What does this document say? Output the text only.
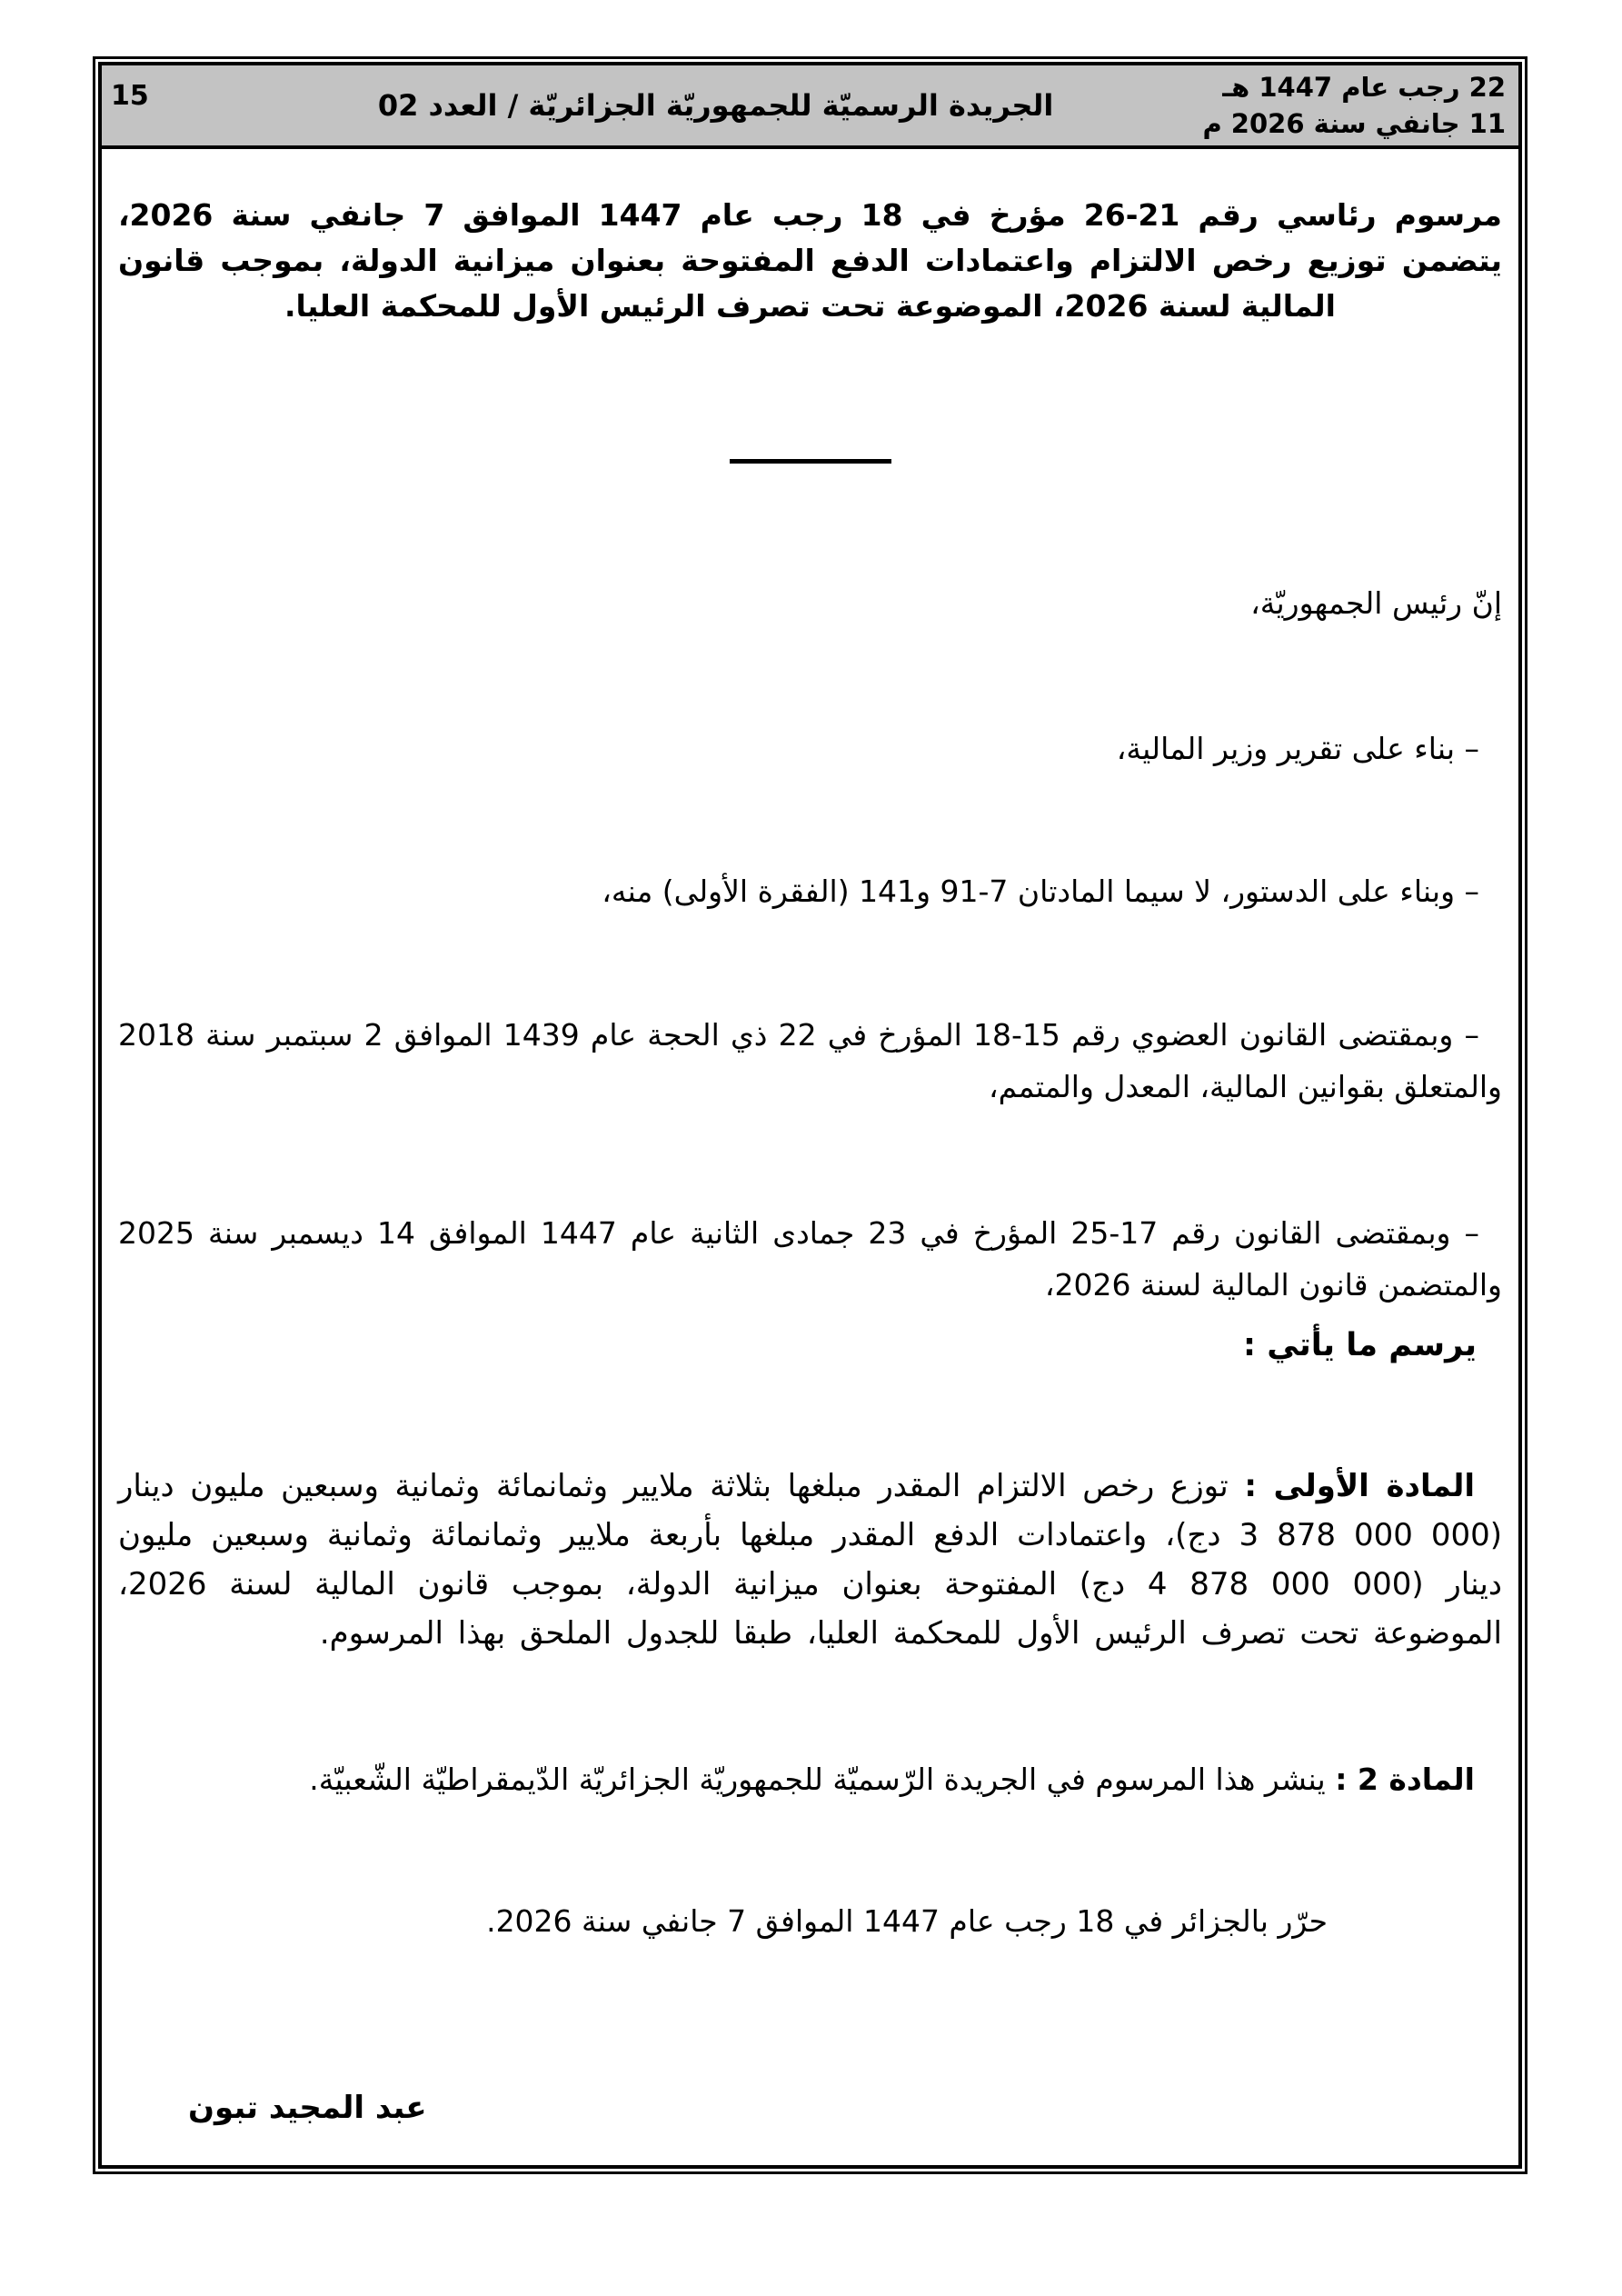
22 رجب عام 1447 هـ
11 جانفي سنة 2026 م
الجريدة الرسميّة للجمهوريّة الجزائريّة / العدد 02
15
مرسوم رئاسي رقم 21-26 مؤرخ في 18 رجب عام 1447 الموافق 7 جانفي سنة 2026، يتضمن توزيع رخص الالتزام واعتمادات الدفع المفتوحة بعنوان ميزانية الدولة، بموجب قانون المالية لسنة 2026، الموضوعة تحت تصرف الرئيس الأول للمحكمة العليا.
إنّ رئيس الجمهوريّة،
– بناء على تقرير وزير المالية،
– وبناء على الدستور، لا سيما المادتان 7-91 و141 (الفقرة الأولى) منه،
– وبمقتضى القانون العضوي رقم 15-18 المؤرخ في 22 ذي الحجة عام 1439 الموافق 2 سبتمبر سنة 2018 والمتعلق بقوانين المالية، المعدل والمتمم،
– وبمقتضى القانون رقم 17-25 المؤرخ في 23 جمادى الثانية عام 1447 الموافق 14 ديسمبر سنة 2025 والمتضمن قانون المالية لسنة 2026،
يرسم ما يأتي :
المادة الأولى : توزع رخص الالتزام المقدر مبلغها بثلاثة ملايير وثمانمائة وثمانية وسبعين مليون دينار (3 878 000 000 دج)، واعتمادات الدفع المقدر مبلغها بأربعة ملايير وثمانمائة وثمانية وسبعين مليون دينار (4 878 000 000 دج) المفتوحة بعنوان ميزانية الدولة، بموجب قانون المالية لسنة 2026، الموضوعة تحت تصرف الرئيس الأول للمحكمة العليا، طبقا للجدول الملحق بهذا المرسوم.
المادة 2 : ينشر هذا المرسوم في الجريدة الرّسميّة للجمهوريّة الجزائريّة الدّيمقراطيّة الشّعبيّة.
حرّر بالجزائر في 18 رجب عام 1447 الموافق 7 جانفي سنة 2026.
عبد المجيد تبون
